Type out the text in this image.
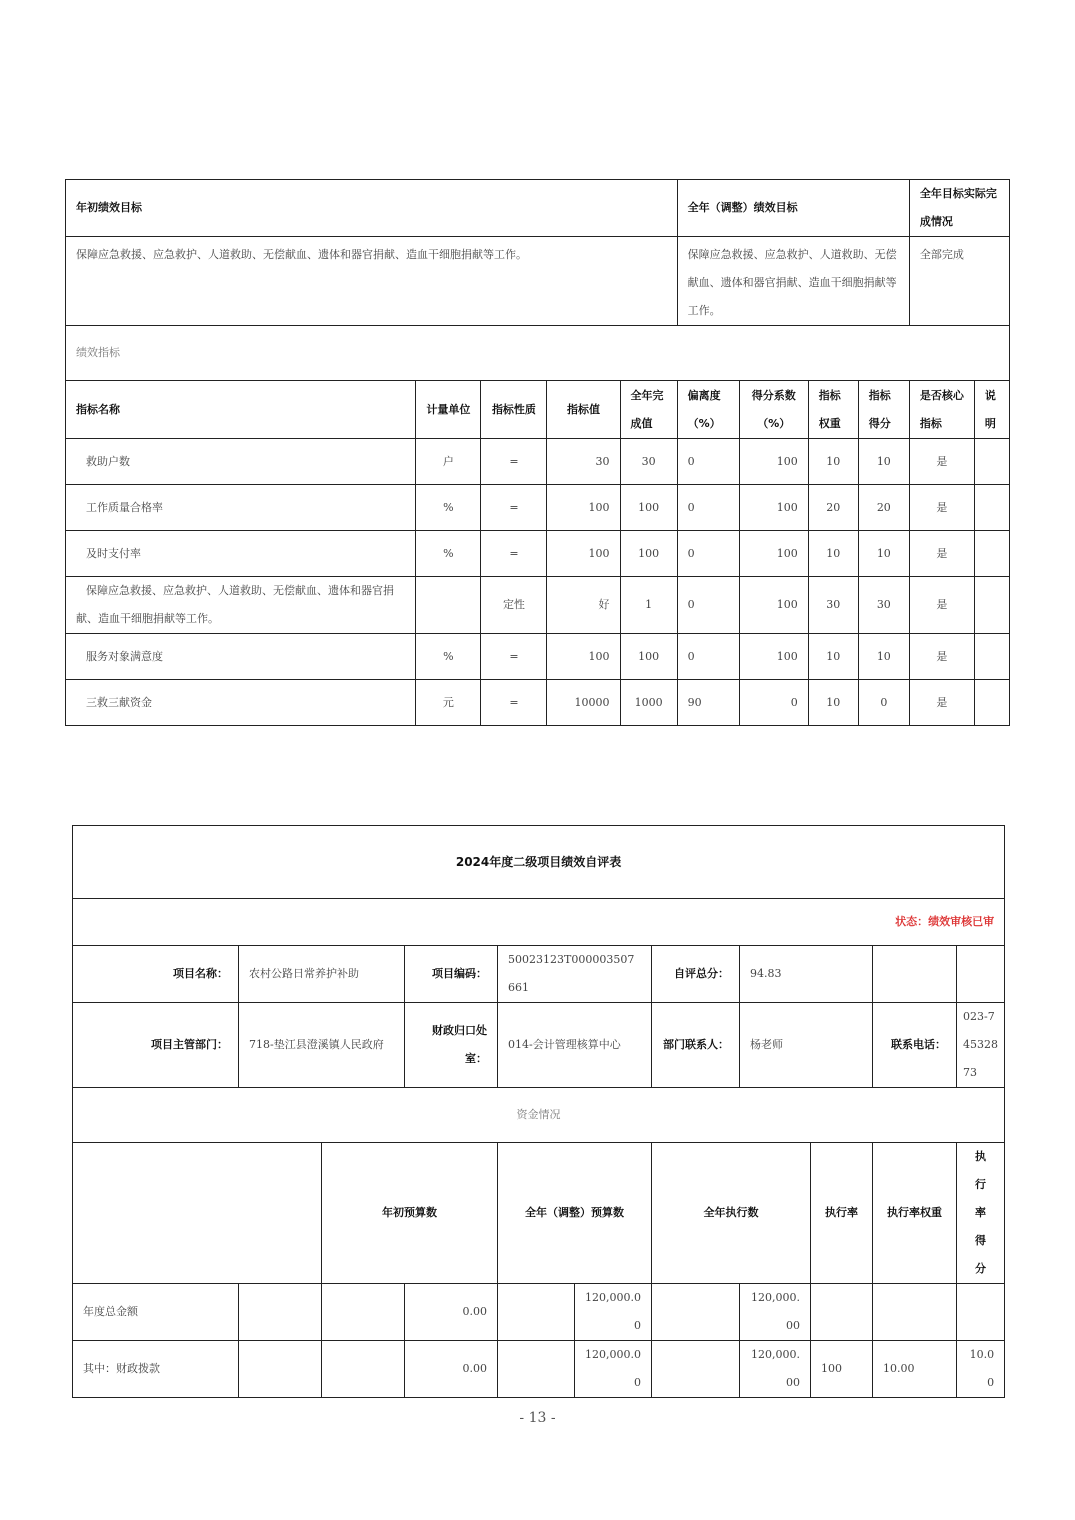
年初绩效目标					全年（调整）绩效目标				全年目标实际完成情况	
保障应急救援、应急救护、人道救助、无偿献血、遗体和器官捐献、造血干细胞捐献等工作。					保障应急救援、应急救护、人道救助、无偿献血、遗体和器官捐献、造血干细胞捐献等工作。				全部完成	
绩效指标										
指标名称	计量单位	指标性质	指标值	全年完成值	偏离度（%）	得分系数（%）	指标权重	指标得分	是否核心指标	说明
救助户数	户	=	30	30	0	100	10	10	是	
工作质量合格率	%	=	100	100	0	100	20	20	是	
及时支付率	%	=	100	100	0	100	10	10	是	
保障应急救援、应急救护、人道救助、无偿献血、遗体和器官捐献、造血干细胞捐献等工作。		定性	好	1	0	100	30	30	是	
服务对象满意度	%	=	100	100	0	100	10	10	是	
三救三献资金	元	=	10000	1000	90	0	10	0	是	
2024年度二级项目绩效自评表										
状态：绩效审核已审										
项目名称：	农村公路日常养护补助		项目编码：	50023123T000003507661		自评总分：	94.83			
项目主管部门：	718-垫江县澄溪镇人民政府		财政归口处室：	014-会计管理核算中心		部门联系人：	杨老师		联系电话：	023-74532873
资金情况										
		年初预算数		全年（调整）预算数		全年执行数		执行率	执行率权重	执行率得分
年度总金额			0.00		120,000.00		120,000.00			
其中：财政拨款			0.00		120,000.00		120,000.00	100	10.00	10.00
- 13 -
